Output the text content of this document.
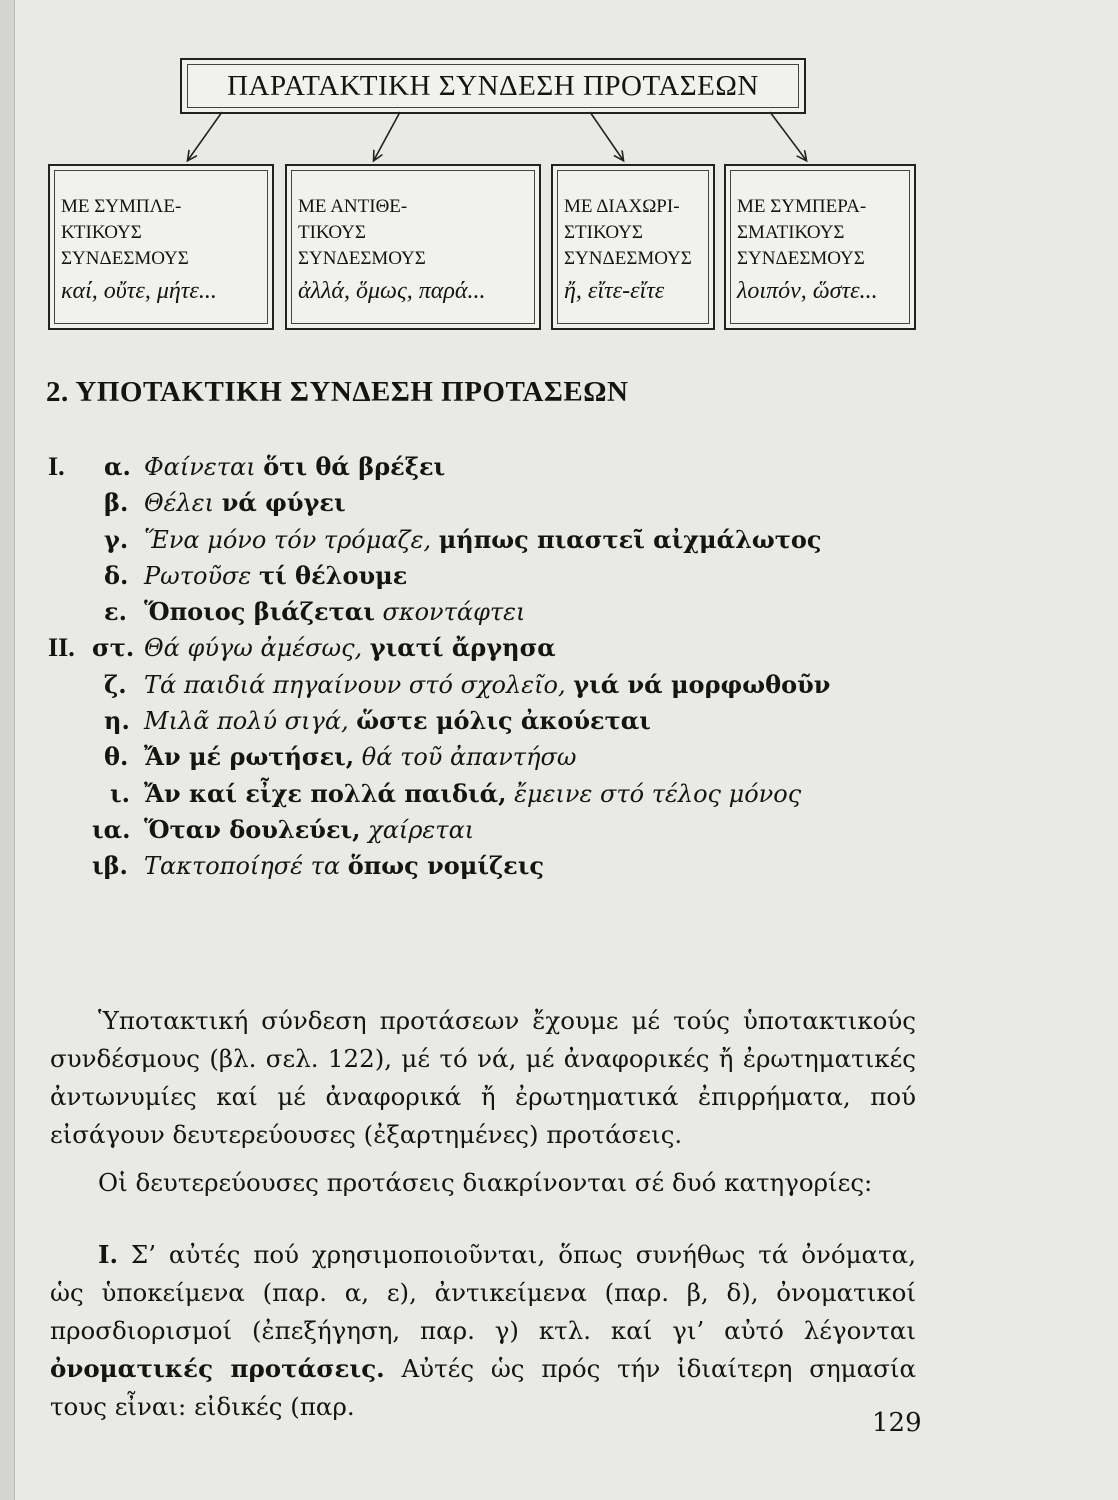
ΠΑΡΑΤΑΚΤΙΚΗ ΣΥΝΔΕΣΗ ΠΡΟΤΑΣΕΩΝ
ΜΕ ΣΥΜΠΛΕ-
ΚΤΙΚΟΥΣ
ΣΥΝΔΕΣΜΟΥΣ
καί, οὔτε, μήτε...
ΜΕ ΑΝΤΙΘΕ-
ΤΙΚΟΥΣ
ΣΥΝΔΕΣΜΟΥΣ
ἀλλά, ὅμως, παρά...
ΜΕ ΔΙΑΧΩΡΙ-
ΣΤΙΚΟΥΣ
ΣΥΝΔΕΣΜΟΥΣ
ἤ, εἴτε-εἴτε
ΜΕ ΣΥΜΠΕΡΑ-
ΣΜΑΤΙΚΟΥΣ
ΣΥΝΔΕΣΜΟΥΣ
λοιπόν, ὥστε...
2. ΥΠΟΤΑΚΤΙΚΗ ΣΥΝΔΕΣΗ ΠΡΟΤΑΣΕΩΝ
I. α. Φαίνεται ὅτι θά βρέξει
β. Θέλει νά φύγει
γ. Ἕνα μόνο τόν τρόμαζε, μήπως πιαστεῖ αἰχμάλωτος
δ. Ρωτοῦσε τί θέλουμε
ε. Ὅποιος βιάζεται σκοντάφτει
II. στ. Θά φύγω ἀμέσως, γιατί ἄργησα
ζ. Τά παιδιά πηγαίνουν στό σχολεῖο, γιά νά μορφωθοῦν
η. Μιλᾶ πολύ σιγά, ὥστε μόλις ἀκούεται
θ. Ἄν μέ ρωτήσει, θά τοῦ ἀπαντήσω
ι. Ἄν καί εἶχε πολλά παιδιά, ἔμεινε στό τέλος μόνος
ια. Ὅταν δουλεύει, χαίρεται
ιβ. Τακτοποίησέ τα ὅπως νομίζεις

Ὑποτακτική σύνδεση προτάσεων ἔχουμε μέ τούς ὑποτακτικούς συνδέσμους (βλ. σελ. 122), μέ τό νά, μέ ἀναφορικές ἤ ἐρωτηματικές ἀντωνυμίες καί μέ ἀναφορικά ἤ ἐρωτηματικά ἐπιρρήματα, πού εἰσάγουν δευτερεύουσες (ἐξαρτημένες) προτάσεις.

Οἱ δευτερεύουσες προτάσεις διακρίνονται σέ δυό κατηγορίες:

I. Σ’ αὐτές πού χρησιμοποιοῦνται, ὅπως συνήθως τά ὀνόματα, ὡς ὑποκείμενα (παρ. α, ε), ἀντικείμενα (παρ. β, δ), ὀνοματικοί προσδιορισμοί (ἐπεξήγηση, παρ. γ) κτλ. καί γι’ αὐτό λέγονται ὀνοματικές προτάσεις. Αὐτές ὡς πρός τήν ἰδιαίτερη σημασία τους εἶναι: εἰδικές (παρ.

129
